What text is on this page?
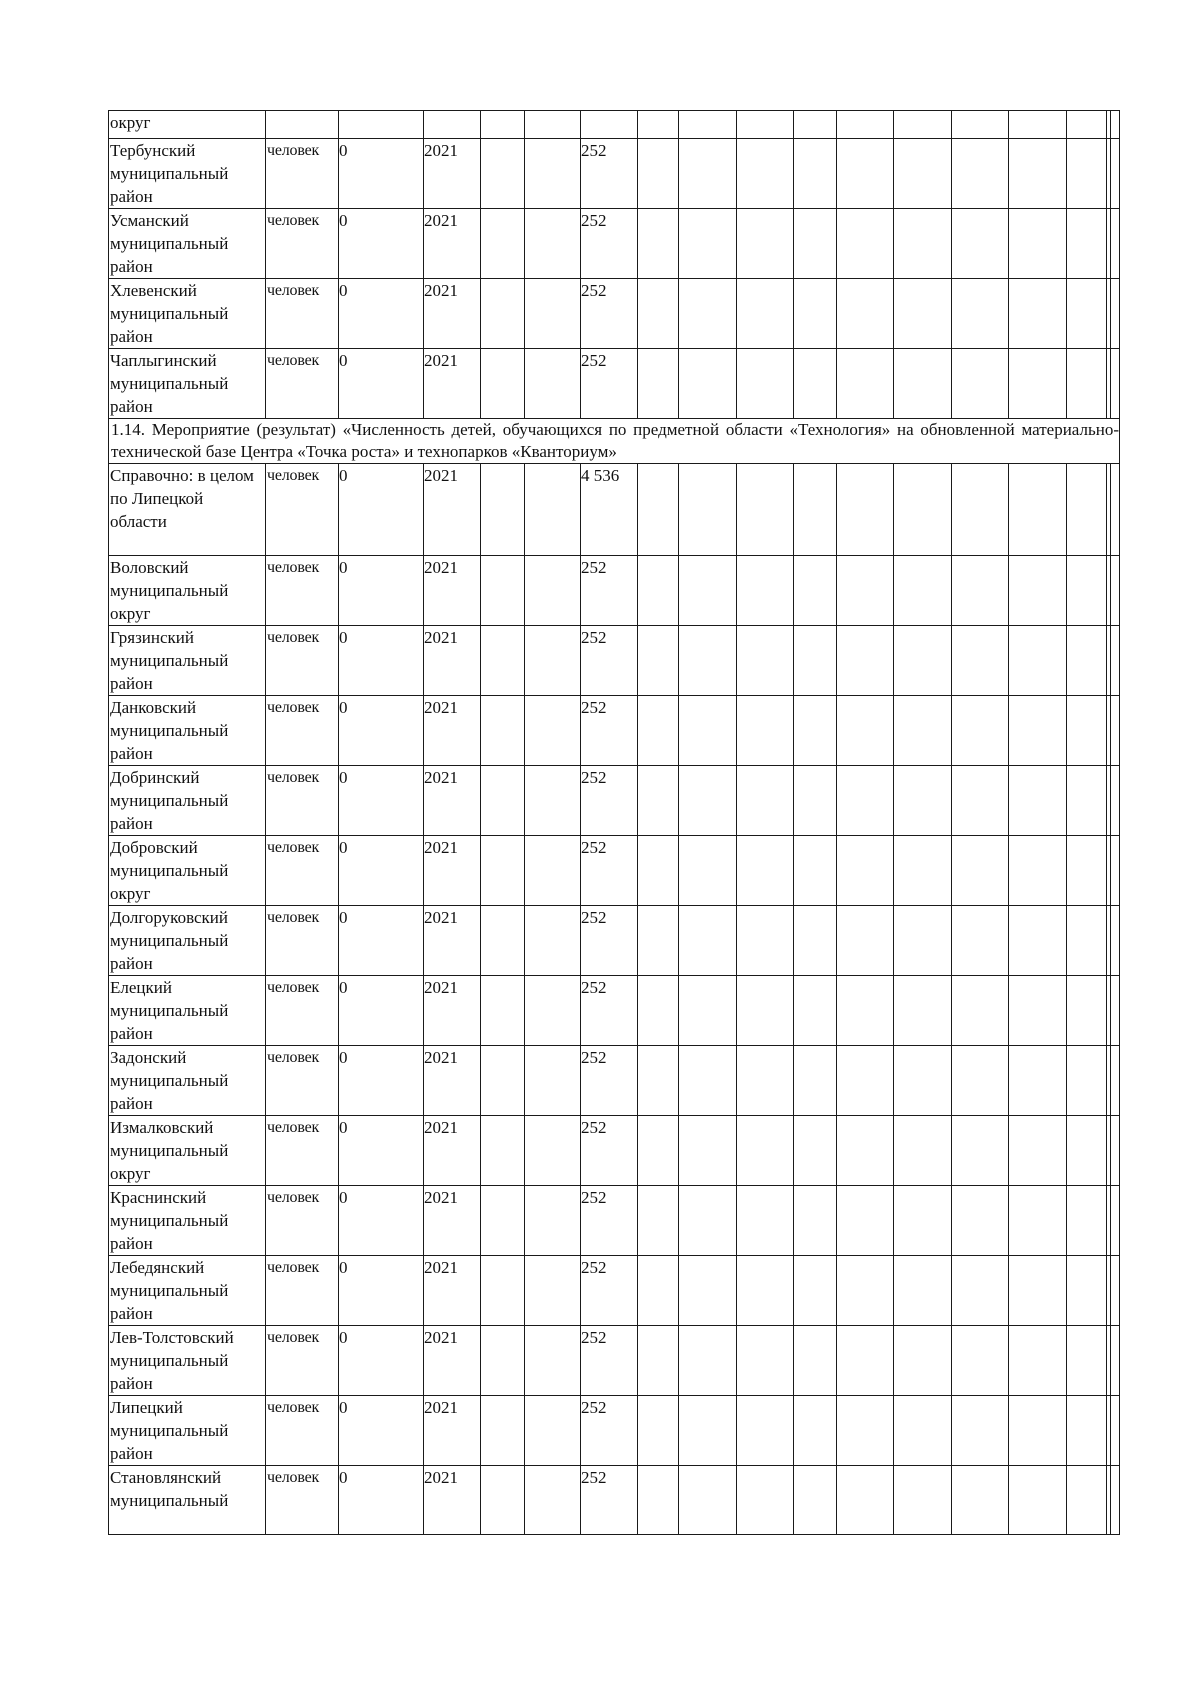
округ																	
Тербунский муниципальный район	человек	0	2021			252											
Усманский муниципальный район	человек	0	2021			252											
Хлевенский муниципальный район	человек	0	2021			252											
Чаплыгинский муниципальный район	человек	0	2021			252											
1.14. Мероприятие (результат) «Численность детей, обучающихся по предметной области «Технология» на обновленной материально-технической базе Центра «Точка роста» и технопарков «Кванториум»																	
Справочно: в целом по Липецкой области	человек	0	2021			4 536											
Воловский муниципальный округ	человек	0	2021			252											
Грязинский муниципальный район	человек	0	2021			252											
Данковский муниципальный район	человек	0	2021			252											
Добринский муниципальный район	человек	0	2021			252											
Добровский муниципальный округ	человек	0	2021			252											
Долгоруковский муниципальный район	человек	0	2021			252											
Елецкий муниципальный район	человек	0	2021			252											
Задонский муниципальный район	человек	0	2021			252											
Измалковский муниципальный округ	человек	0	2021			252											
Краснинский муниципальный район	человек	0	2021			252											
Лебедянский муниципальный район	человек	0	2021			252											
Лев-Толстовский муниципальный район	человек	0	2021			252											
Липецкий муниципальный район	человек	0	2021			252											
Становлянский муниципальный	человек	0	2021			252											
